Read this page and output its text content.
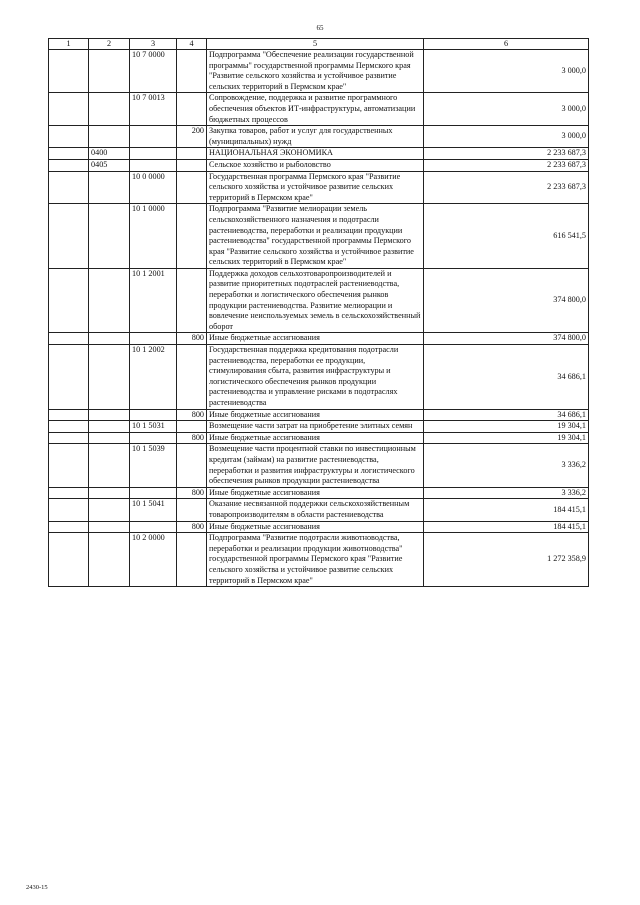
65
1	2	3	4	5	6
		10 7 0000		Подпрограмма "Обеспечение реализации государственной программы" государственной программы Пермского края "Развитие сельского хозяйства и устойчивое развитие сельских территорий в Пермском крае"	3 000,0
		10 7 0013		Сопровождение, поддержка и развитие программного обеспечения объектов ИТ-инфраструктуры, автоматизации бюджетных процессов	3 000,0
			200	Закупка товаров, работ и услуг для государственных (муниципальных) нужд	3 000,0
	0400			НАЦИОНАЛЬНАЯ ЭКОНОМИКА	2 233 687,3
	0405			Сельское хозяйство и рыболовство	2 233 687,3
		10 0 0000		Государственная программа Пермского края "Развитие сельского хозяйства и устойчивое развитие сельских территорий в Пермском крае"	2 233 687,3
		10 1 0000		Подпрограмма "Развитие мелиорации земель сельскохозяйственного назначения и подотрасли растениеводства, переработки и реализации продукции растениеводства" государственной программы Пермского края "Развитие сельского хозяйства и устойчивое развитие сельских территорий в Пермском крае"	616 541,5
		10 1 2001		Поддержка доходов сельхозтоваропроизводителей и развитие приоритетных подотраслей растениеводства, переработки и логистического обеспечения рынков продукции растениеводства. Развитие мелиорации и вовлечение неиспользуемых земель в сельскохозяйственный оборот	374 800,0
			800	Иные бюджетные ассигнования	374 800,0
		10 1 2002		Государственная поддержка кредитования подотрасли растениеводства, переработки ее продукции, стимулирования сбыта, развития инфраструктуры и логистического обеспечения рынков продукции растениеводства и управление рисками в подотраслях растениеводства	34 686,1
			800	Иные бюджетные ассигнования	34 686,1
		10 1 5031		Возмещение части затрат на приобретение элитных семян	19 304,1
			800	Иные бюджетные ассигнования	19 304,1
		10 1 5039		Возмещение части процентной ставки по инвестиционным кредитам (займам) на развитие растениеводства, переработки и развития инфраструктуры и логистического обеспечения рынков продукции растениеводства	3 336,2
			800	Иные бюджетные ассигнования	3 336,2
		10 1 5041		Оказание несвязанной поддержки сельскохозяйственным товаропроизводителям в области растениеводства	184 415,1
			800	Иные бюджетные ассигнования	184 415,1
		10 2 0000		Подпрограмма "Развитие подотрасли животноводства, переработки и реализации продукции животноводства" государственной программы Пермского края "Развитие сельского хозяйства и устойчивое развитие сельских территорий в Пермском крае"	1 272 358,9
2430-15
